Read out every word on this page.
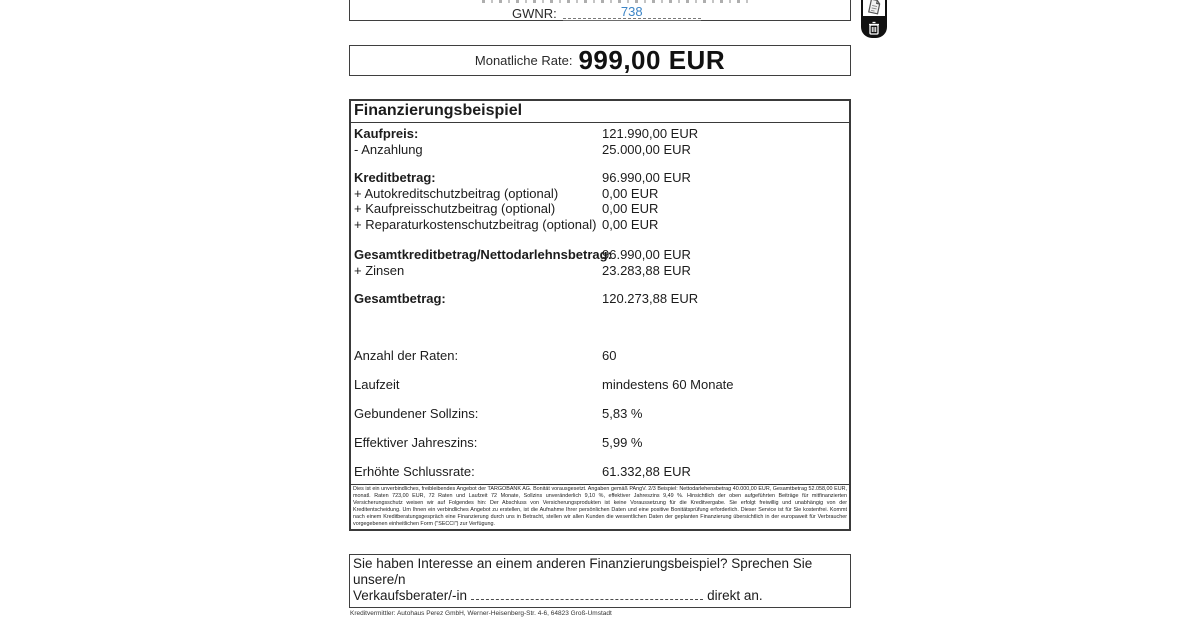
GWNR:	738
Monatliche Rate: 999,00 EUR
Finanzierungsbeispiel
Kaufpreis:	121.990,00 EUR
- Anzahlung	25.000,00 EUR
Kreditbetrag:	96.990,00 EUR
+ Autokreditschutzbeitrag (optional)	0,00 EUR
+ Kaufpreisschutzbeitrag (optional)	0,00 EUR
+ Reparaturkostenschutzbeitrag (optional) 0,00 EUR
Gesamtkreditbetrag/Nettodarlehnsbetrag:
96.990,00 EUR
+ Zinsen	23.283,88 EUR
Gesamtbetrag:	120.273,88 EUR
Anzahl der Raten:	60
Laufzeit	mindestens 60 Monate
Gebundener Sollzins:	5,83 %
Effektiver Jahreszins:	5,99 %
Erhöhte Schlussrate:	61.332,88 EUR
Dies ist ein unverbindliches, freibleibendes Angebot der TARGOBANK AG. Bonität vorausgesetzt. Angaben gemäß PAngV. 2/3 Beispiel: Nettodarlehensbetrag 40.000,00 EUR, Gesamtbetrag 52.058,00 EUR, monatl. Raten 723,00 EUR, 72 Raten und Laufzeit 72 Monate, Sollzins unveränderlich 9,10 %, effektiver Jahreszins 9,49 %. Hinsichtlich der oben aufgeführten Beiträge für mitfinanzierten Versicherungsschutz weisen wir auf Folgendes hin: Der Abschluss von Versicherungsprodukten ist keine Voraussetzung für die Kreditvergabe. Sie erfolgt freiwillig und unabhängig von der Kreditentscheidung. Um Ihnen ein verbindliches Angebot zu erstellen, ist die Aufnahme Ihrer persönlichen Daten und eine positive Bonitätsprüfung erforderlich. Dieser Service ist für Sie kostenfrei. Kommt nach einem Kreditberatungsgespräch eine Finanzierung durch uns in Betracht, stellen wir allen Kunden die wesentlichen Daten der geplanten Finanzierung übersichtlich in der europaweit für Verbraucher vorgegebenen einheitlichen Form ("SECCI") zur Verfügung.
Sie haben Interesse an einem anderen Finanzierungsbeispiel? Sprechen Sie unsere/n
Verkaufsberater/-in	direkt an.
Kreditvermittler: Autohaus Perez GmbH, Werner-Heisenberg-Str. 4-6, 64823 Groß-Umstadt
